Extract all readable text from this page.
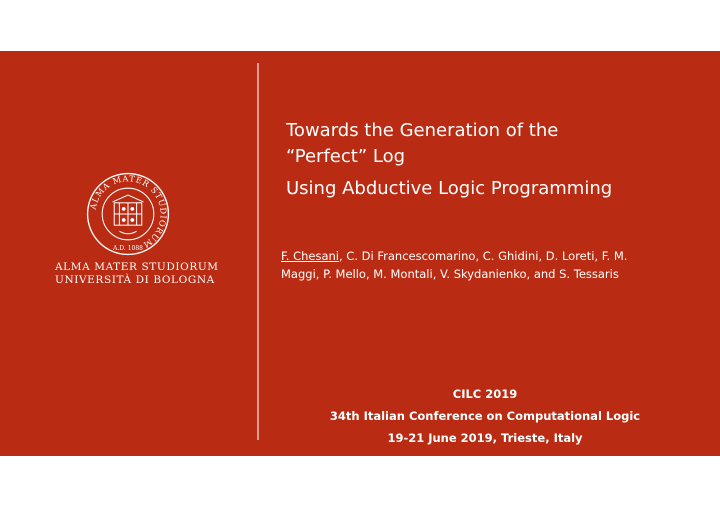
ALMA MATER STUDIORUM
A.D. 1088
ALMA MATER STUDIORUM
UNIVERSITÀ DI BOLOGNA
Towards the Generation of the
“Perfect” Log
Using Abductive Logic Programming
F. Chesani, C. Di Francescomarino, C. Ghidini, D. Loreti, F. M.
Maggi, P. Mello, M. Montali, V. Skydanienko, and S. Tessaris
CILC 2019
34th Italian Conference on Computational Logic
19-21 June 2019, Trieste, Italy
